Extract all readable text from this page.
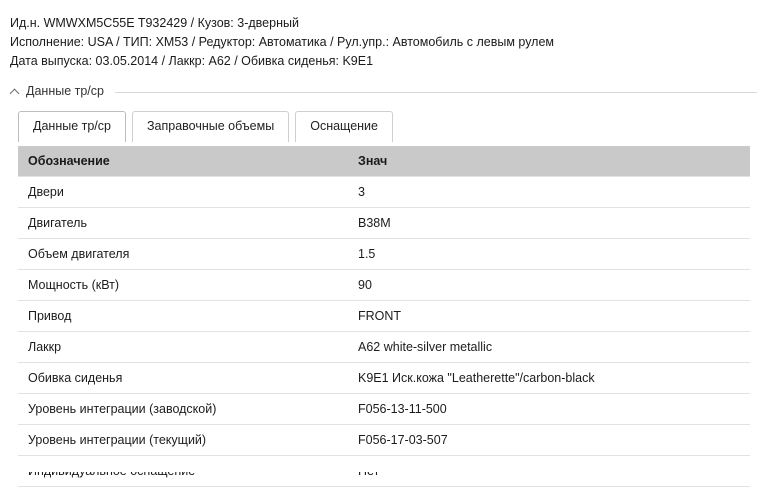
Ид.н. WMWXM5C55E T932429 / Кузов: 3-дверный
Исполнение: USA / ТИП: XM53 / Редуктор: Автоматика / Рул.упр.: Автомобиль с левым рулем
Дата выпуска: 03.05.2014 / Лаккр: A62 / Обивка сиденья: K9E1
Данные тр/ср
Данные тр/ср	Заправочные объемы	Оснащение
Обозначение	Знач
Двери	3
Двигатель	B38M
Объем двигателя	1.5
Мощность (кВт)	90
Привод	FRONT
Лаккр	A62 white-silver metallic
Обивка сиденья	K9E1 Иск.кожа "Leatherette"/carbon-black
Уровень интеграции (заводской)	F056-13-11-500
Уровень интеграции (текущий)	F056-17-03-507
